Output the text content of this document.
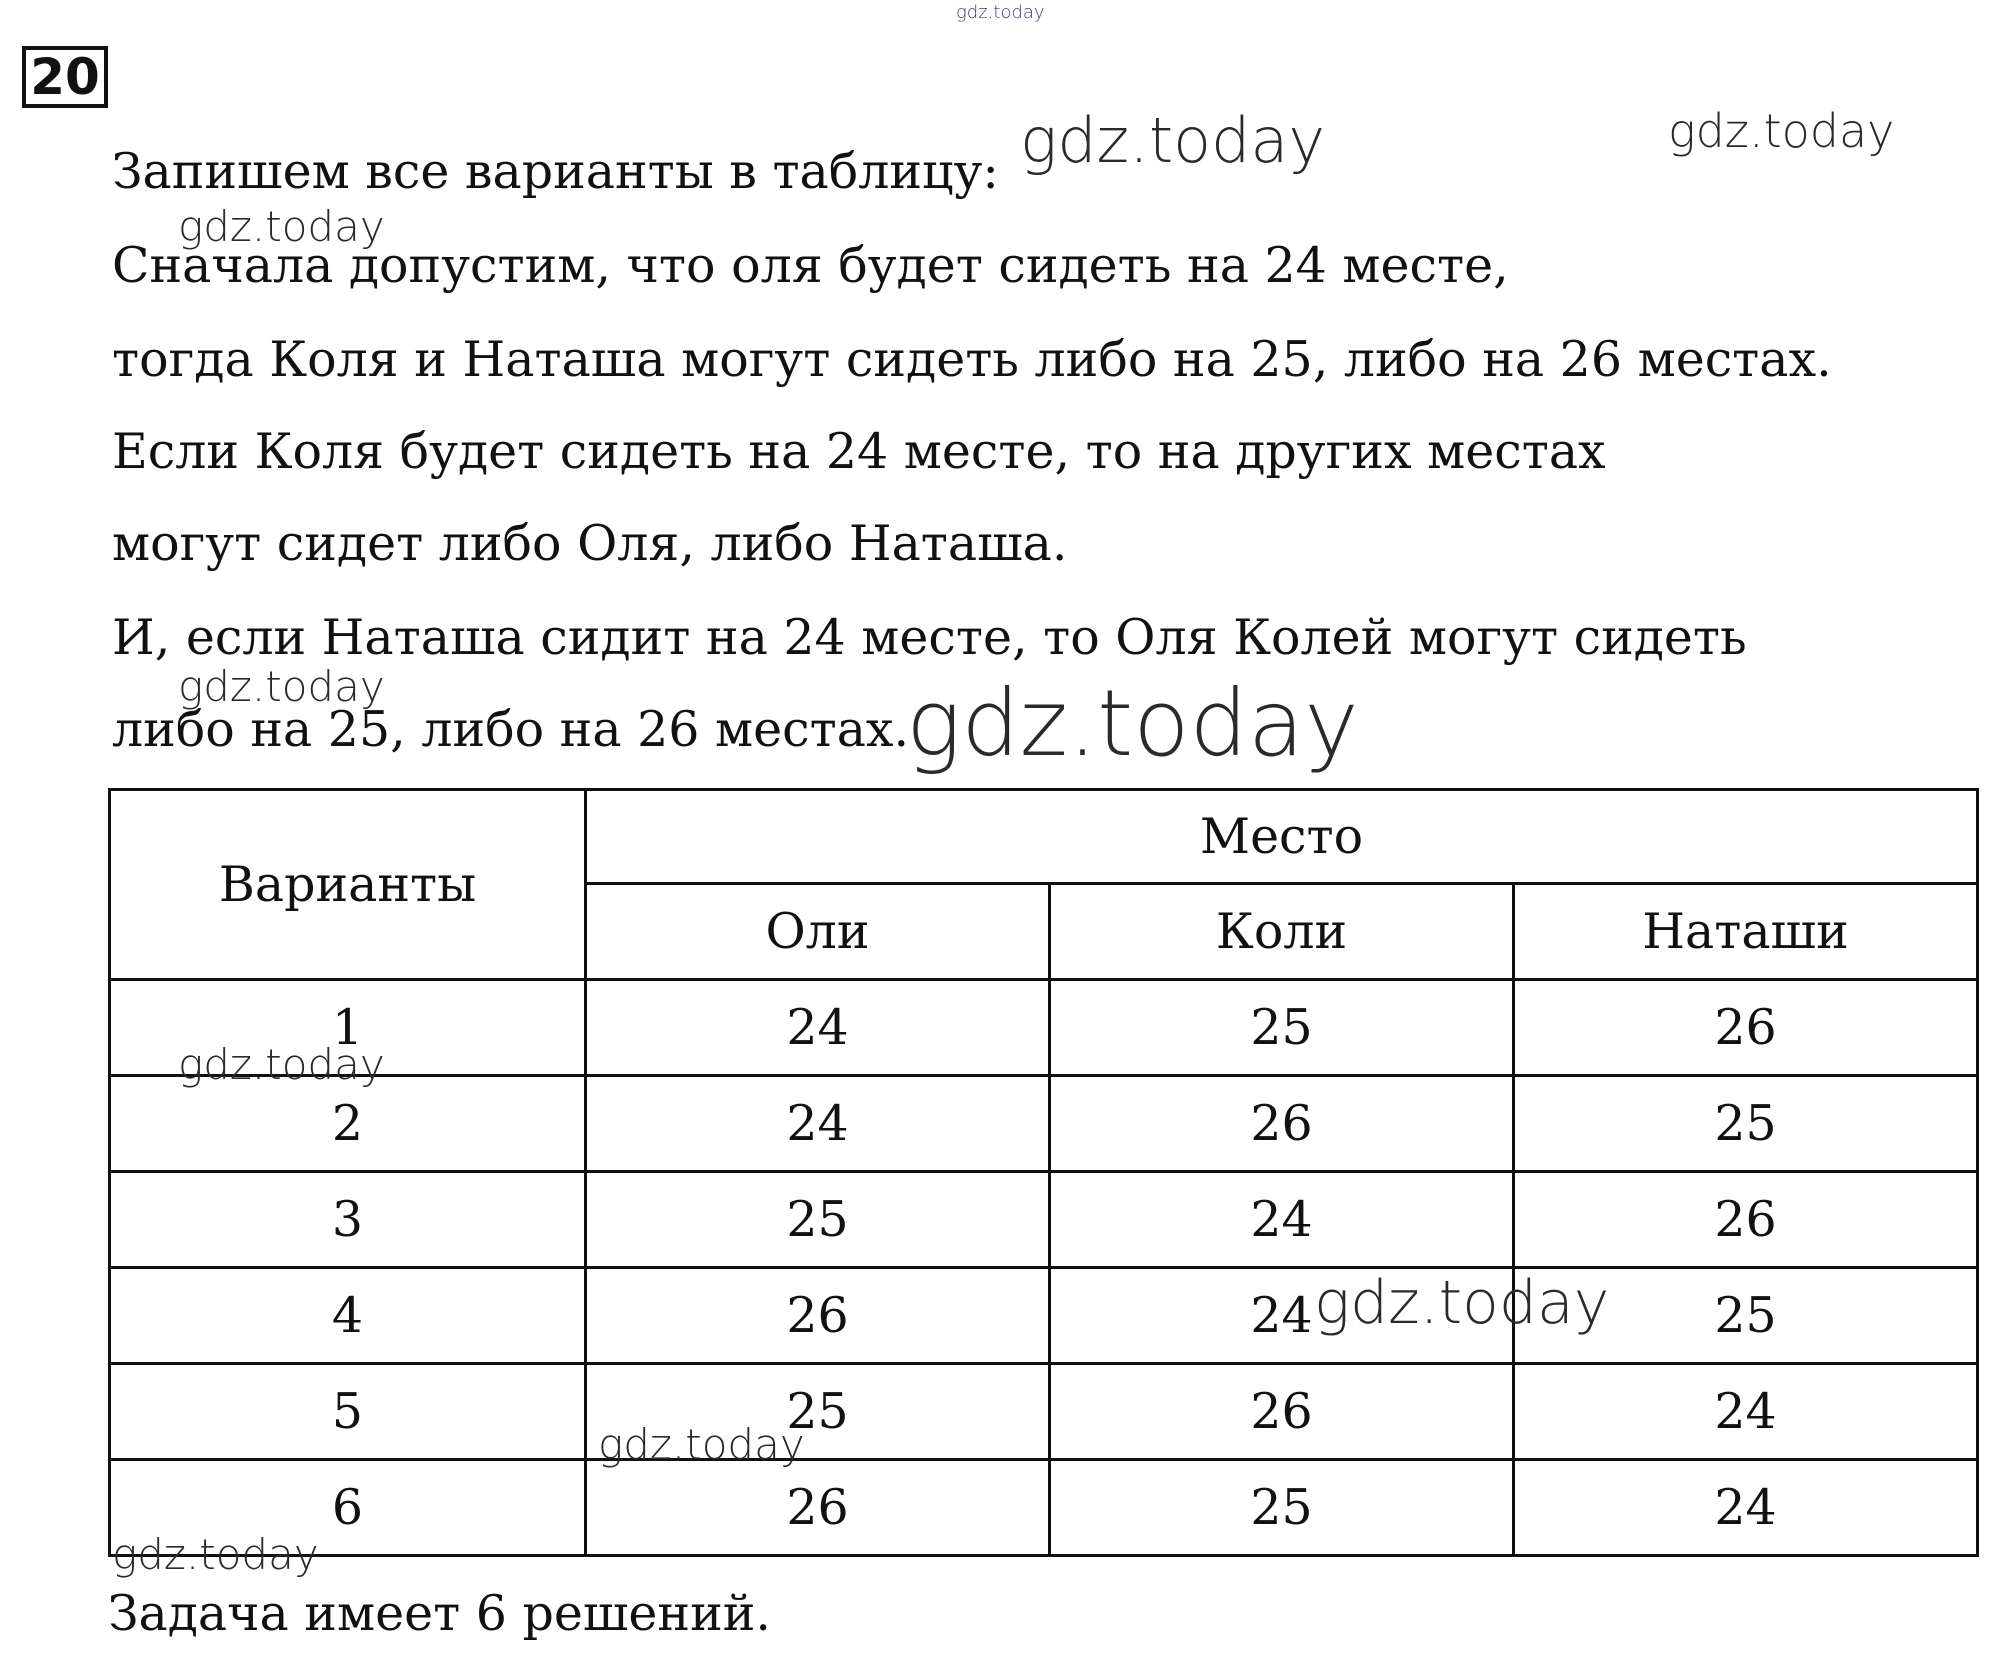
20

Запишем все варианты в таблицу:

Сначала допустим, что оля будет сидеть на 24 месте,

тогда Коля и Наташа могут сидеть либо на 25, либо на 26 местах.

Если Коля будет сидеть на 24 месте, то на других местах

могут сидет либо Оля, либо Наташа.

И, если Наташа сидит на 24 месте, то Оля Колей могут сидеть

либо на 25, либо на 26 местах.

Варианты	Место		
	Оли	Коли	Наташи
1	24	25	26
2	24	26	25
3	25	24	26
4	26	24	25
5	25	26	24
6	26	25	24

Задача имеет 6 решений.

gdz.today
gdz.today	gdz.today
gdz.today
gdz.today	gdz.today
gdz.today
gdz.today
gdz.today
gdz.today
